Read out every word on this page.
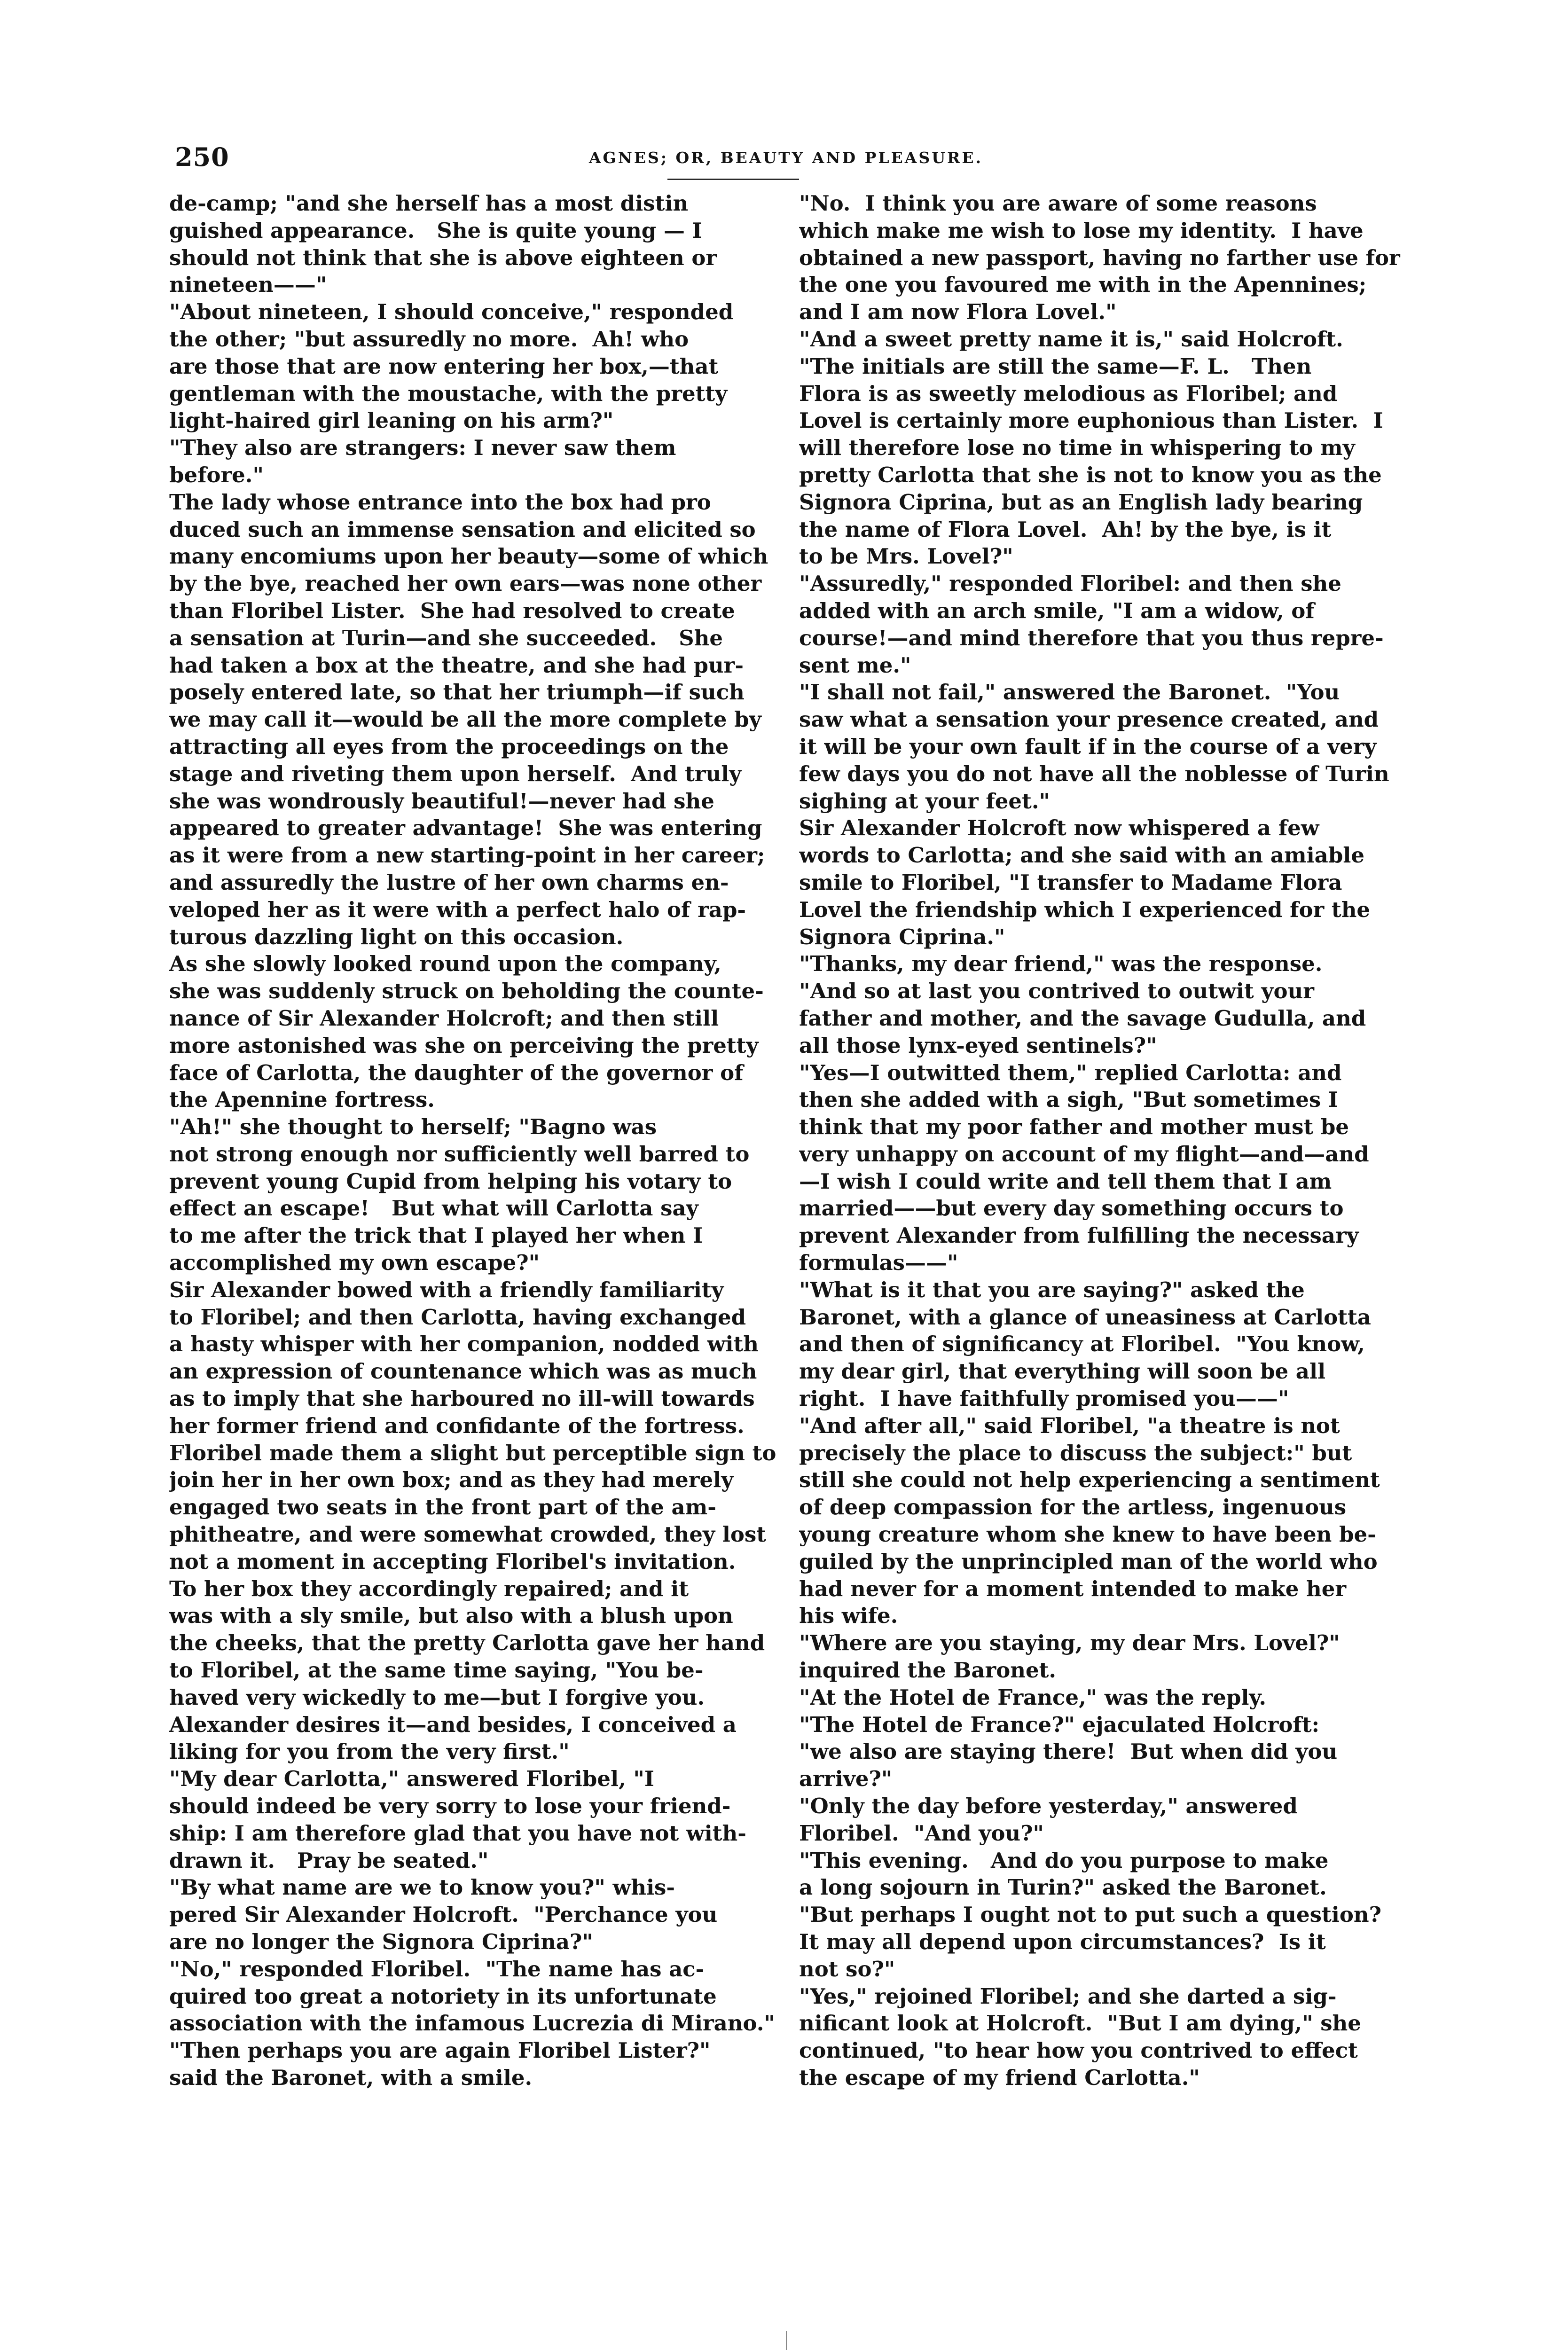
250	AGNES; OR, BEAUTY AND PLEASURE.
de-camp; "and she herself has a most distin
guished appearance.   She is quite young — I
should not think that she is above eighteen or
nineteen——"
"About nineteen, I should conceive," responded
the other; "but assuredly no more.  Ah! who
are those that are now entering her box,—that
gentleman with the moustache, with the pretty
light-haired girl leaning on his arm?"
"They also are strangers: I never saw them
before."
The lady whose entrance into the box had pro
duced such an immense sensation and elicited so
many encomiums upon her beauty—some of which
by the bye, reached her own ears—was none other
than Floribel Lister.  She had resolved to create
a sensation at Turin—and she succeeded.   She
had taken a box at the theatre, and she had pur-
posely entered late, so that her triumph—if such
we may call it—would be all the more complete by
attracting all eyes from the proceedings on the
stage and riveting them upon herself.  And truly
she was wondrously beautiful!—never had she
appeared to greater advantage!  She was entering
as it were from a new starting-point in her career;
and assuredly the lustre of her own charms en-
veloped her as it were with a perfect halo of rap-
turous dazzling light on this occasion.
As she slowly looked round upon the company,
she was suddenly struck on beholding the counte-
nance of Sir Alexander Holcroft; and then still
more astonished was she on perceiving the pretty
face of Carlotta, the daughter of the governor of
the Apennine fortress.
"Ah!" she thought to herself; "Bagno was
not strong enough nor sufficiently well barred to
prevent young Cupid from helping his votary to
effect an escape!   But what will Carlotta say
to me after the trick that I played her when I
accomplished my own escape?"
Sir Alexander bowed with a friendly familiarity
to Floribel; and then Carlotta, having exchanged
a hasty whisper with her companion, nodded with
an expression of countenance which was as much
as to imply that she harboured no ill-will towards
her former friend and confidante of the fortress.
Floribel made them a slight but perceptible sign to
join her in her own box; and as they had merely
engaged two seats in the front part of the am-
phitheatre, and were somewhat crowded, they lost
not a moment in accepting Floribel's invitation.
To her box they accordingly repaired; and it
was with a sly smile, but also with a blush upon
the cheeks, that the pretty Carlotta gave her hand
to Floribel, at the same time saying, "You be-
haved very wickedly to me—but I forgive you.
Alexander desires it—and besides, I conceived a
liking for you from the very first."
"My dear Carlotta," answered Floribel, "I
should indeed be very sorry to lose your friend-
ship: I am therefore glad that you have not with-
drawn it.   Pray be seated."
"By what name are we to know you?" whis-
pered Sir Alexander Holcroft.  "Perchance you
are no longer the Signora Ciprina?"
"No," responded Floribel.  "The name has ac-
quired too great a notoriety in its unfortunate
association with the infamous Lucrezia di Mirano."
"Then perhaps you are again Floribel Lister?"
said the Baronet, with a smile.
"No.  I think you are aware of some reasons
which make me wish to lose my identity.  I have
obtained a new passport, having no farther use for
the one you favoured me with in the Apennines;
and I am now Flora Lovel."
"And a sweet pretty name it is," said Holcroft.
"The initials are still the same—F. L.   Then
Flora is as sweetly melodious as Floribel; and
Lovel is certainly more euphonious than Lister.  I
will therefore lose no time in whispering to my
pretty Carlotta that she is not to know you as the
Signora Ciprina, but as an English lady bearing
the name of Flora Lovel.  Ah! by the bye, is it
to be Mrs. Lovel?"
"Assuredly," responded Floribel: and then she
added with an arch smile, "I am a widow, of
course!—and mind therefore that you thus repre-
sent me."
"I shall not fail," answered the Baronet.  "You
saw what a sensation your presence created, and
it will be your own fault if in the course of a very
few days you do not have all the noblesse of Turin
sighing at your feet."
Sir Alexander Holcroft now whispered a few
words to Carlotta; and she said with an amiable
smile to Floribel, "I transfer to Madame Flora
Lovel the friendship which I experienced for the
Signora Ciprina."
"Thanks, my dear friend," was the response.
"And so at last you contrived to outwit your
father and mother, and the savage Gudulla, and
all those lynx-eyed sentinels?"
"Yes—I outwitted them," replied Carlotta: and
then she added with a sigh, "But sometimes I
think that my poor father and mother must be
very unhappy on account of my flight—and—and
—I wish I could write and tell them that I am
married——but every day something occurs to
prevent Alexander from fulfilling the necessary
formulas——"
"What is it that you are saying?" asked the
Baronet, with a glance of uneasiness at Carlotta
and then of significancy at Floribel.  "You know,
my dear girl, that everything will soon be all
right.  I have faithfully promised you——"
"And after all," said Floribel, "a theatre is not
precisely the place to discuss the subject:" but
still she could not help experiencing a sentiment
of deep compassion for the artless, ingenuous
young creature whom she knew to have been be-
guiled by the unprincipled man of the world who
had never for a moment intended to make her
his wife.
"Where are you staying, my dear Mrs. Lovel?"
inquired the Baronet.
"At the Hotel de France," was the reply.
"The Hotel de France?" ejaculated Holcroft:
"we also are staying there!  But when did you
arrive?"
"Only the day before yesterday," answered
Floribel.  "And you?"
"This evening.   And do you purpose to make
a long sojourn in Turin?" asked the Baronet.
"But perhaps I ought not to put such a question?
It may all depend upon circumstances?  Is it
not so?"
"Yes," rejoined Floribel; and she darted a sig-
nificant look at Holcroft.  "But I am dying," she
continued, "to hear how you contrived to effect
the escape of my friend Carlotta."
